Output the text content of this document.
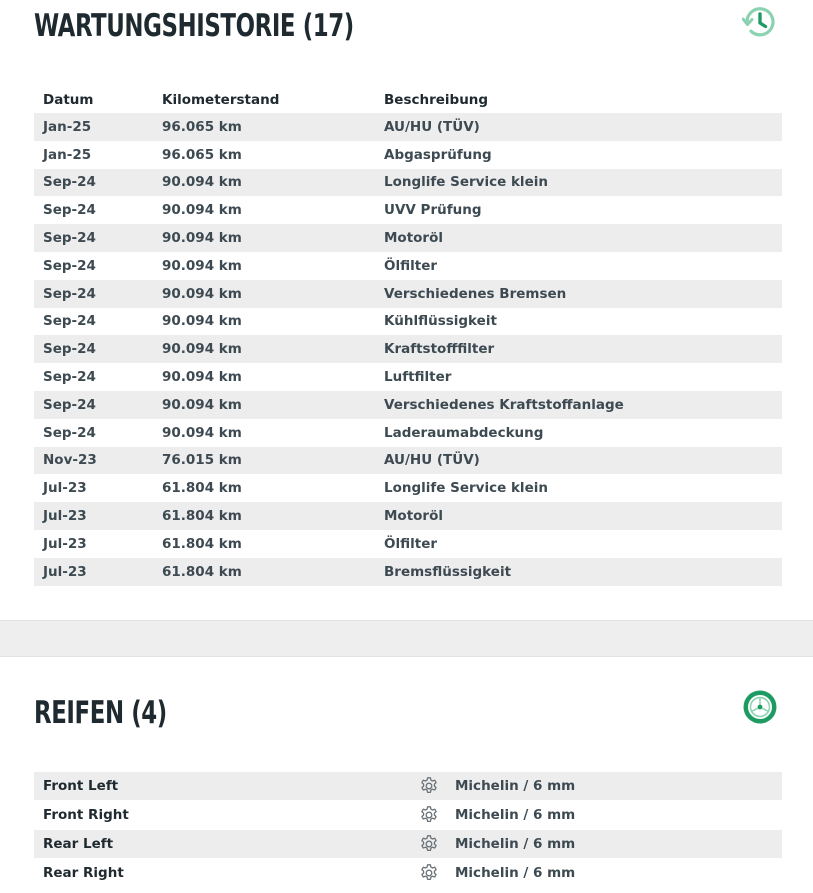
WARTUNGSHISTORIE (17)
Datum	Kilometerstand	Beschreibung
Jan-25	96.065 km	AU/HU (TÜV)
Jan-25	96.065 km	Abgasprüfung
Sep-24	90.094 km	Longlife Service klein
Sep-24	90.094 km	UVV Prüfung
Sep-24	90.094 km	Motoröl
Sep-24	90.094 km	Ölfilter
Sep-24	90.094 km	Verschiedenes Bremsen
Sep-24	90.094 km	Kühlflüssigkeit
Sep-24	90.094 km	Kraftstofffilter
Sep-24	90.094 km	Luftfilter
Sep-24	90.094 km	Verschiedenes Kraftstoffanlage
Sep-24	90.094 km	Laderaumabdeckung
Nov-23	76.015 km	AU/HU (TÜV)
Jul-23	61.804 km	Longlife Service klein
Jul-23	61.804 km	Motoröl
Jul-23	61.804 km	Ölfilter
Jul-23	61.804 km	Bremsflüssigkeit
REIFEN (4)
Front Left	Michelin / 6 mm
Front Right	Michelin / 6 mm
Rear Left	Michelin / 6 mm
Rear Right	Michelin / 6 mm
